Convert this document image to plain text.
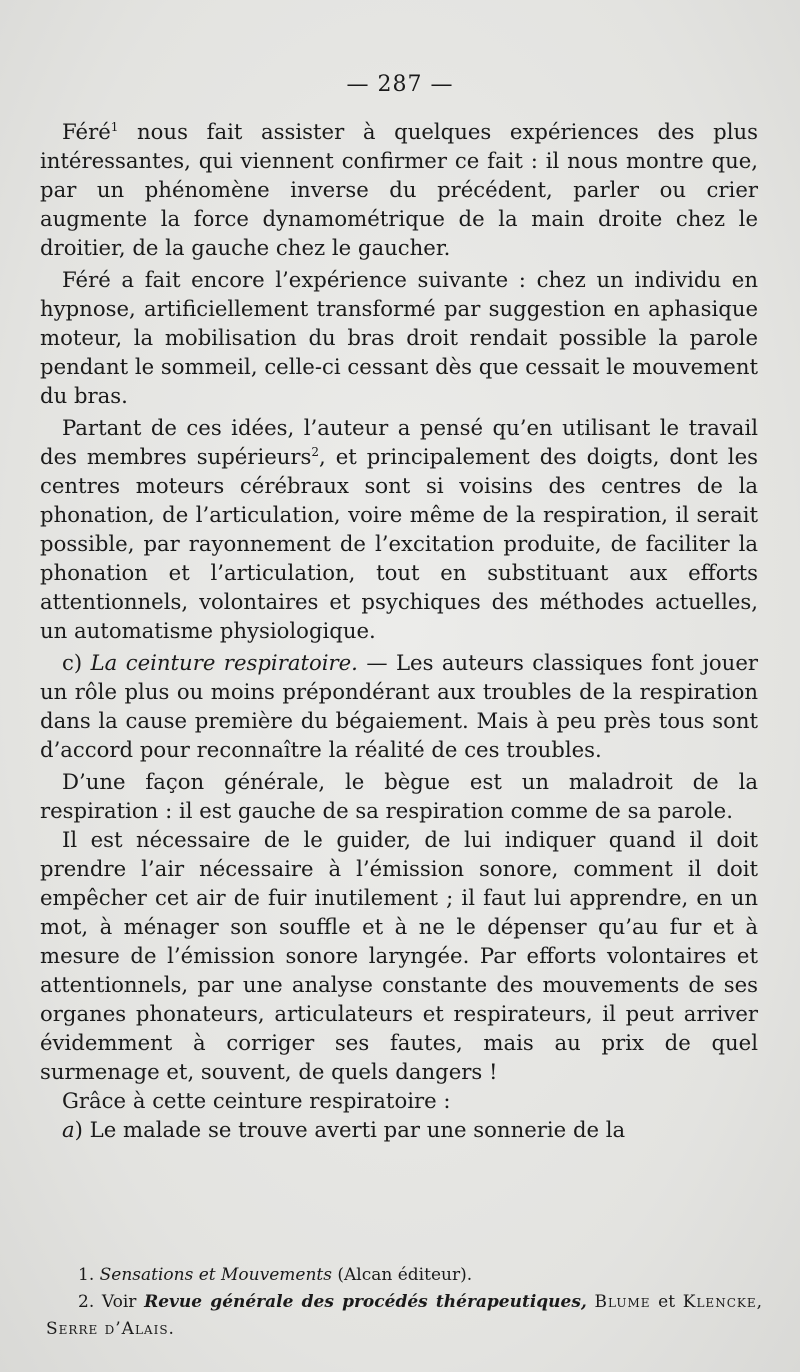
— 287 —

Féré$^1$ nous fait assister à quelques expériences des plus intéressantes, qui viennent confirmer ce fait : il nous montre que, par un phénomène inverse du précédent, parler ou crier augmente la force dynamométrique de la main droite chez le droitier, de la gauche chez le gaucher.

Féré a fait encore l’expérience suivante : chez un individu en hypnose, artificiellement transformé par suggestion en aphasique moteur, la mobilisation du bras droit rendait possible la parole pendant le sommeil, celle-ci cessant dès que cessait le mouvement du bras.

Partant de ces idées, l’auteur a pensé qu’en utilisant le travail des membres supérieurs$^2$, et principalement des doigts, dont les centres moteurs cérébraux sont si voisins des centres de la phonation, de l’articulation, voire même de la respiration, il serait possible, par rayonnement de l’excitation produite, de faciliter la phonation et l’articulation, tout en substituant aux efforts attentionnels, volontaires et psychiques des méthodes actuelles, un automatisme physiologique.

c) La ceinture respiratoire. — Les auteurs classiques font jouer un rôle plus ou moins prépondérant aux troubles de la respiration dans la cause première du bégaiement. Mais à peu près tous sont d’accord pour reconnaître la réalité de ces troubles.

D’une façon générale, le bègue est un maladroit de la respiration : il est gauche de sa respiration comme de sa parole.

Il est nécessaire de le guider, de lui indiquer quand il doit prendre l’air nécessaire à l’émission sonore, comment il doit empêcher cet air de fuir inutilement ; il faut lui apprendre, en un mot, à ménager son souffle et à ne le dépenser qu’au fur et à mesure de l’émission sonore laryngée. Par efforts volontaires et attentionnels, par une analyse constante des mouvements de ses organes phonateurs, articulateurs et respirateurs, il peut arriver évidemment à corriger ses fautes, mais au prix de quel surmenage et, souvent, de quels dangers !

Grâce à cette ceinture respiratoire :

a) Le malade se trouve averti par une sonnerie de la

1. Sensations et Mouvements (Alcan éditeur).

2. Voir Revue générale des procédés thérapeutiques, Blume et Klencke, Serre d’Alais.
